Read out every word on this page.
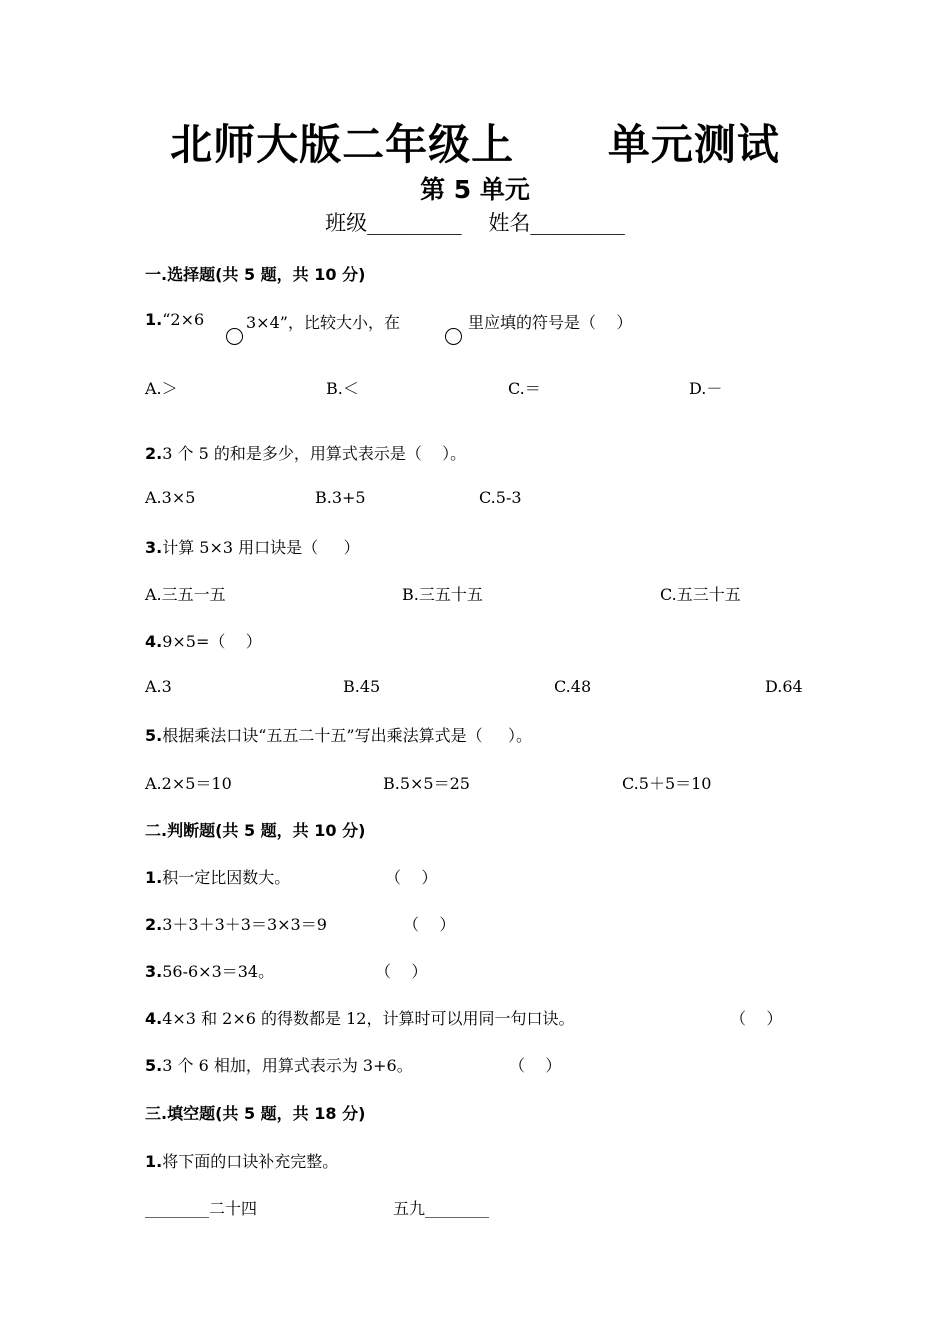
北师大版二年级上      单元测试
第 5 单元
班级_________    姓名_________
一.选择题(共 5 题，共 10 分)
1.“2×6	3×4”，比较大小，在	里应填的符号是（    ）
A.＞	B.＜	C.＝	D.－
2.3 个 5 的和是多少，用算式表示是（    ）。
A.3×5	B.3+5	C.5-3
3.计算 5×3 用口诀是（     ）
A.三五一五	B.三五十五	C.五三十五
4.9×5=（    ）
A.3	B.45	C.48	D.64
5.根据乘法口诀“五五二十五”写出乘法算式是（     ）。
A.2×5＝10	B.5×5＝25	C.5＋5＝10
二.判断题(共 5 题，共 10 分)
1.积一定比因数大。	（    ）
2.3＋3＋3＋3＝3×3＝9	（    ）
3.56-6×3＝34。	（    ）
4.4×3 和 2×6 的得数都是 12，计算时可以用同一句口诀。	（    ）
5.3 个 6 相加，用算式表示为 3+6。	（    ）
三.填空题(共 5 题，共 18 分)
1.将下面的口诀补充完整。
________二十四	五九________
